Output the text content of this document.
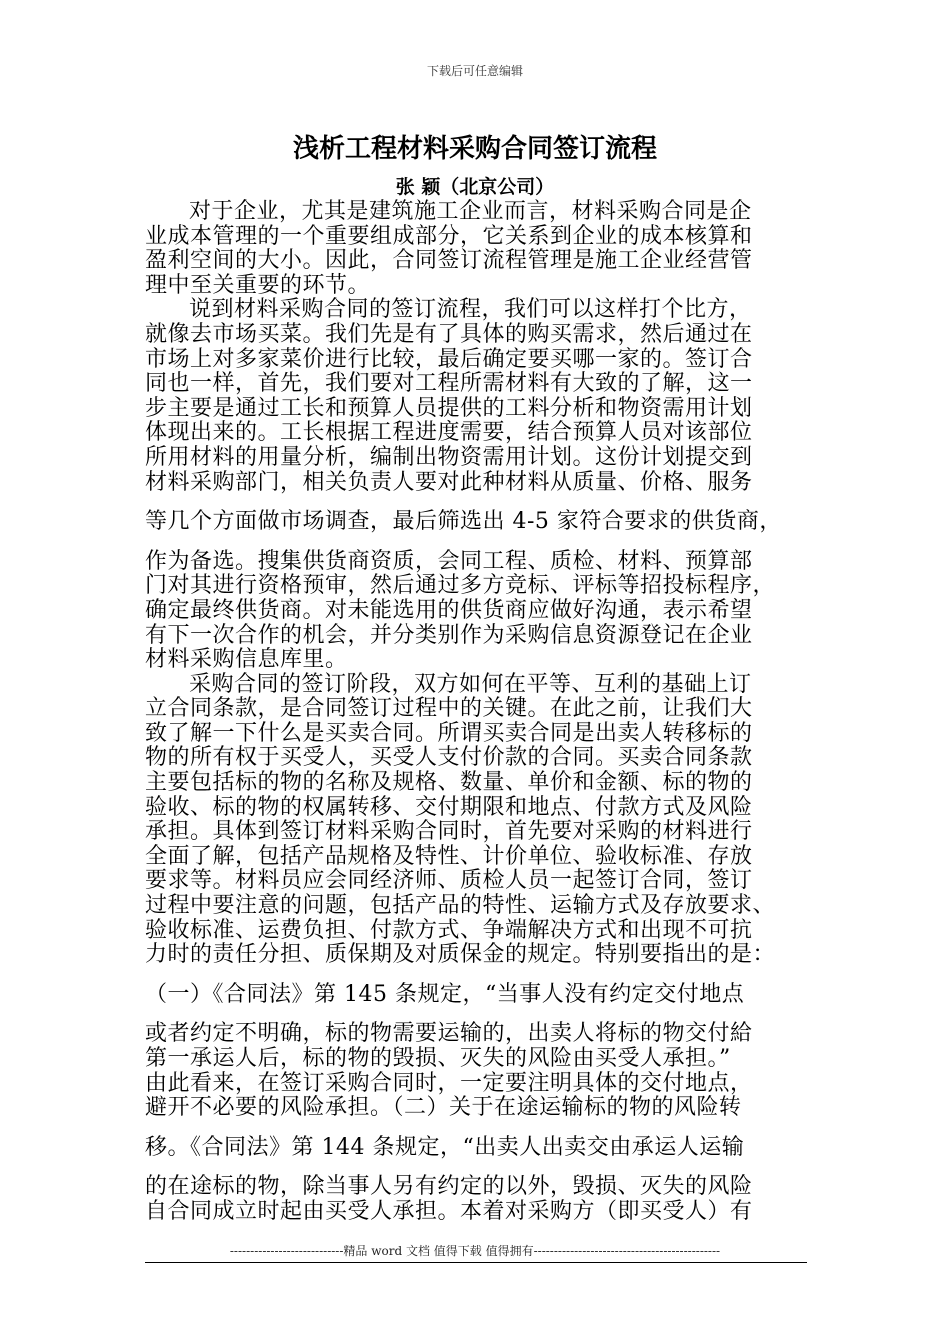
下载后可任意编辑
浅析工程材料采购合同签订流程
张 颖（北京公司）
对于企业，尤其是建筑施工企业而言，材料采购合同是企
业成本管理的一个重要组成部分，它关系到企业的成本核算和
盈利空间的大小。因此，合同签订流程管理是施工企业经营管
理中至关重要的环节。
说到材料采购合同的签订流程，我们可以这样打个比方，
就像去市场买菜。我们先是有了具体的购买需求，然后通过在
市场上对多家菜价进行比较，最后确定要买哪一家的。签订合
同也一样，首先，我们要对工程所需材料有大致的了解，这一
步主要是通过工长和预算人员提供的工料分析和物资需用计划
体现出来的。工长根据工程进度需要，结合预算人员对该部位
所用材料的用量分析，编制出物资需用计划。这份计划提交到
材料采购部门，相关负责人要对此种材料从质量、价格、服务
等几个方面做市场调查，最后筛选出 4-5 家符合要求的供货商，
作为备选。搜集供货商资质，会同工程、质检、材料、预算部
门对其进行资格预审，然后通过多方竞标、评标等招投标程序，
确定最终供货商。对未能选用的供货商应做好沟通，表示希望
有下一次合作的机会，并分类别作为采购信息资源登记在企业
材料采购信息库里。
采购合同的签订阶段，双方如何在平等、互利的基础上订
立合同条款，是合同签订过程中的关键。在此之前，让我们大
致了解一下什么是买卖合同。所谓买卖合同是出卖人转移标的
物的所有权于买受人，买受人支付价款的合同。买卖合同条款
主要包括标的物的名称及规格、数量、单价和金额、标的物的
验收、标的物的权属转移、交付期限和地点、付款方式及风险
承担。具体到签订材料采购合同时，首先要对采购的材料进行
全面了解，包括产品规格及特性、计价单位、验收标准、存放
要求等。材料员应会同经济师、质检人员一起签订合同，签订
过程中要注意的问题，包括产品的特性、运输方式及存放要求、
验收标准、运费负担、付款方式、争端解决方式和出现不可抗
力时的责任分担、质保期及对质保金的规定。特别要指出的是：
（一）《合同法》第 145 条规定，“当事人没有约定交付地点
或者约定不明确，标的物需要运输的，出卖人将标的物交付給
第一承运人后，标的物的毁损、灭失的风险由买受人承担。”
由此看来，在签订采购合同时，一定要注明具体的交付地点，
避开不必要的风险承担。（二）关于在途运输标的物的风险转
移。《合同法》第 144 条规定，“出卖人出卖交由承运人运输
的在途标的物，除当事人另有约定的以外，毁损、灭失的风险
自合同成立时起由买受人承担。本着对采购方（即买受人）有
----------------------------精品 word 文档 值得下载 值得拥有----------------------------------------------
